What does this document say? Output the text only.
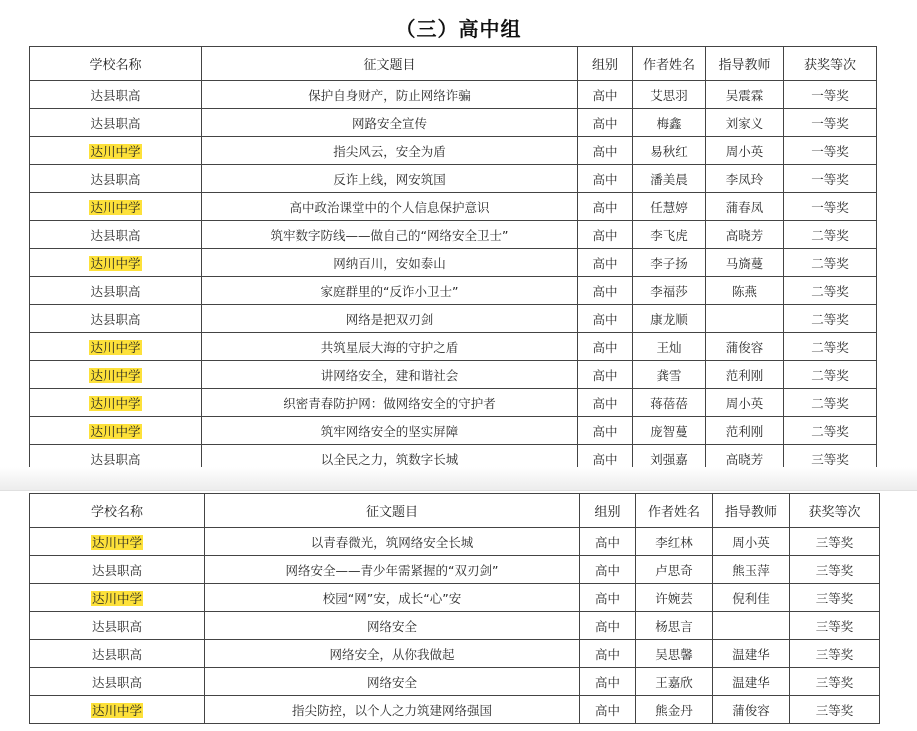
（三）高中组
学校名称	征文题目	组别	作者姓名	指导教师	获奖等次
达县职高	保护自身财产，防止网络诈骗	高中	艾思羽	吴震霖	一等奖
达县职高	网路安全宣传	高中	梅鑫	刘家义	一等奖
达川中学	指尖风云，安全为盾	高中	易秋红	周小英	一等奖
达县职高	反诈上线，网安筑国	高中	潘美晨	李凤玲	一等奖
达川中学	高中政治课堂中的个人信息保护意识	高中	任慧婷	蒲春凤	一等奖
达县职高	筑牢数字防线——做自己的“网络安全卫士”	高中	李飞虎	高晓芳	二等奖
达川中学	网纳百川，安如泰山	高中	李子扬	马旖蔓	二等奖
达县职高	家庭群里的“反诈小卫士”	高中	李福莎	陈燕	二等奖
达县职高	网络是把双刃剑	高中	康龙顺		二等奖
达川中学	共筑星辰大海的守护之盾	高中	王灿	蒲俊容	二等奖
达川中学	讲网络安全，建和谐社会	高中	龚雪	范利刚	二等奖
达川中学	织密青春防护网：做网络安全的守护者	高中	蒋蓓蓓	周小英	二等奖
达川中学	筑牢网络安全的坚实屏障	高中	庞智蔓	范利刚	二等奖
达县职高	以全民之力，筑数字长城	高中	刘强嘉	高晓芳	三等奖
学校名称	征文题目	组别	作者姓名	指导教师	获奖等次
达川中学	以青春微光，筑网络安全长城	高中	李红林	周小英	三等奖
达县职高	网络安全——青少年需紧握的“双刃剑”	高中	卢思奇	熊玉萍	三等奖
达川中学	校园“网”安，成长“心”安	高中	许婉芸	倪利佳	三等奖
达县职高	网络安全	高中	杨思言		三等奖
达县职高	网络安全，从你我做起	高中	吴思馨	温建华	三等奖
达县职高	网络安全	高中	王嘉欣	温建华	三等奖
达川中学	指尖防控，以个人之力筑建网络强国	高中	熊金丹	蒲俊容	三等奖
